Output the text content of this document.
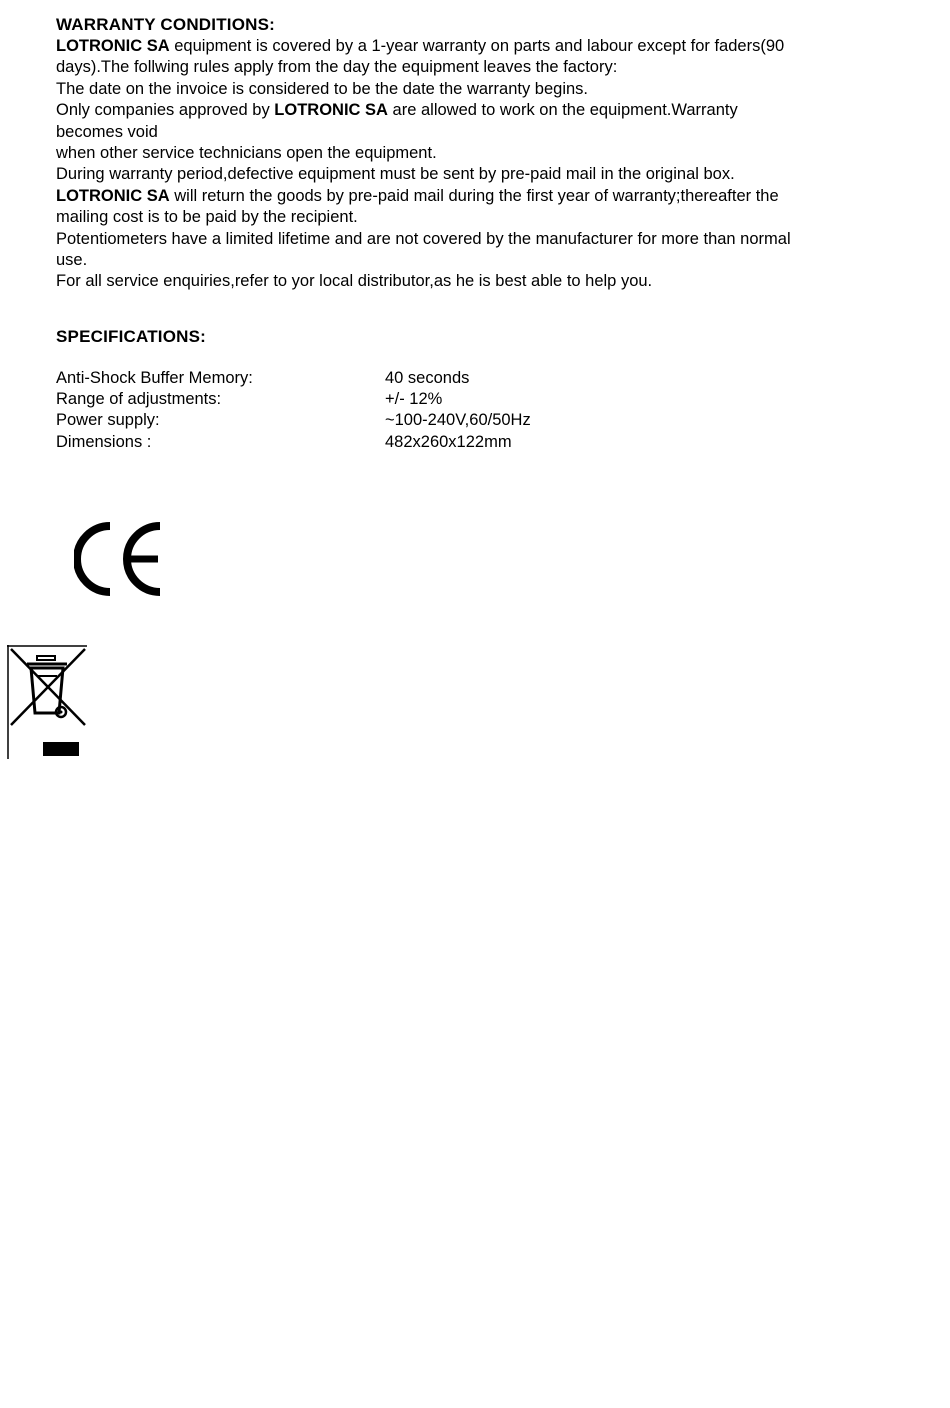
WARRANTY CONDITIONS:

LOTRONIC SA equipment is covered by a 1-year warranty on parts and labour except for faders(90

days).The follwing rules apply from the day the equipment leaves the factory:

The date on the invoice is considered to be the date the warranty begins.

Only companies approved by LOTRONIC SA are allowed to work on the equipment.Warranty

becomes void

when other service technicians open the equipment.

During warranty period,defective equipment must be sent by pre-paid mail in the original box.

LOTRONIC SA will return the goods by pre-paid mail during the first year of warranty;thereafter the

mailing cost is to be paid by the recipient.

Potentiometers have a limited lifetime and are not covered by the manufacturer for more than normal

use.

For all service enquiries,refer to yor local distributor,as he is best able to help you.

SPECIFICATIONS:
Anti-Shock Buffer Memory:	40 seconds
Range of adjustments:	+/- 12%
Power supply:	~100-240V,60/50Hz
Dimensions :	482x260x122mm
